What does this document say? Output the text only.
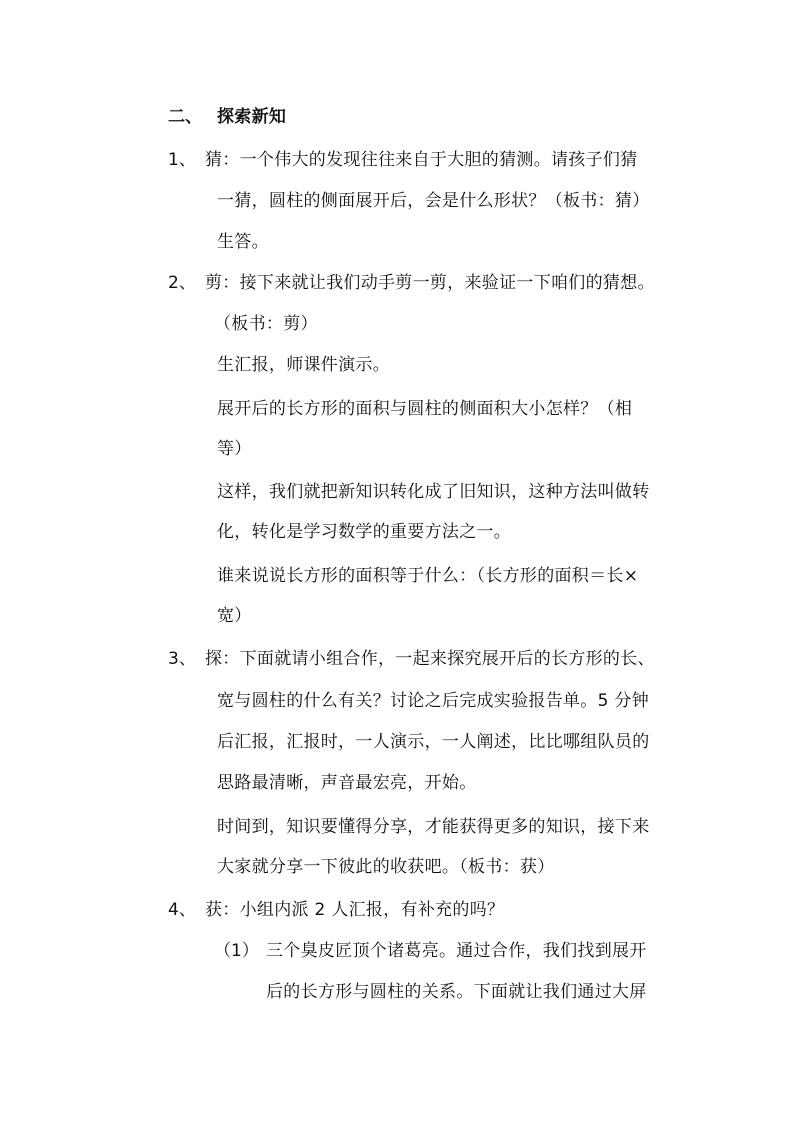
二、 探索新知
1、 猜：一个伟大的发现往往来自于大胆的猜测。请孩子们猜
一猜，圆柱的侧面展开后，会是什么形状？（板书：猜）
生答。
2、 剪：接下来就让我们动手剪一剪，来验证一下咱们的猜想。
（板书：剪）
生汇报，师课件演示。
展开后的长方形的面积与圆柱的侧面积大小怎样？（相
等）
这样，我们就把新知识转化成了旧知识，这种方法叫做转
化，转化是学习数学的重要方法之一。
谁来说说长方形的面积等于什么：（长方形的面积＝长×
宽）
3、 探：下面就请小组合作，一起来探究展开后的长方形的长、
宽与圆柱的什么有关？讨论之后完成实验报告单。5 分钟
后汇报，汇报时，一人演示，一人阐述，比比哪组队员的
思路最清晰，声音最宏亮，开始。
时间到，知识要懂得分享，才能获得更多的知识，接下来
大家就分享一下彼此的收获吧。（板书：获）
4、 获：小组内派 2 人汇报，有补充的吗？
（1） 三个臭皮匠顶个诸葛亮。通过合作，我们找到展开
后的长方形与圆柱的关系。下面就让我们通过大屏
